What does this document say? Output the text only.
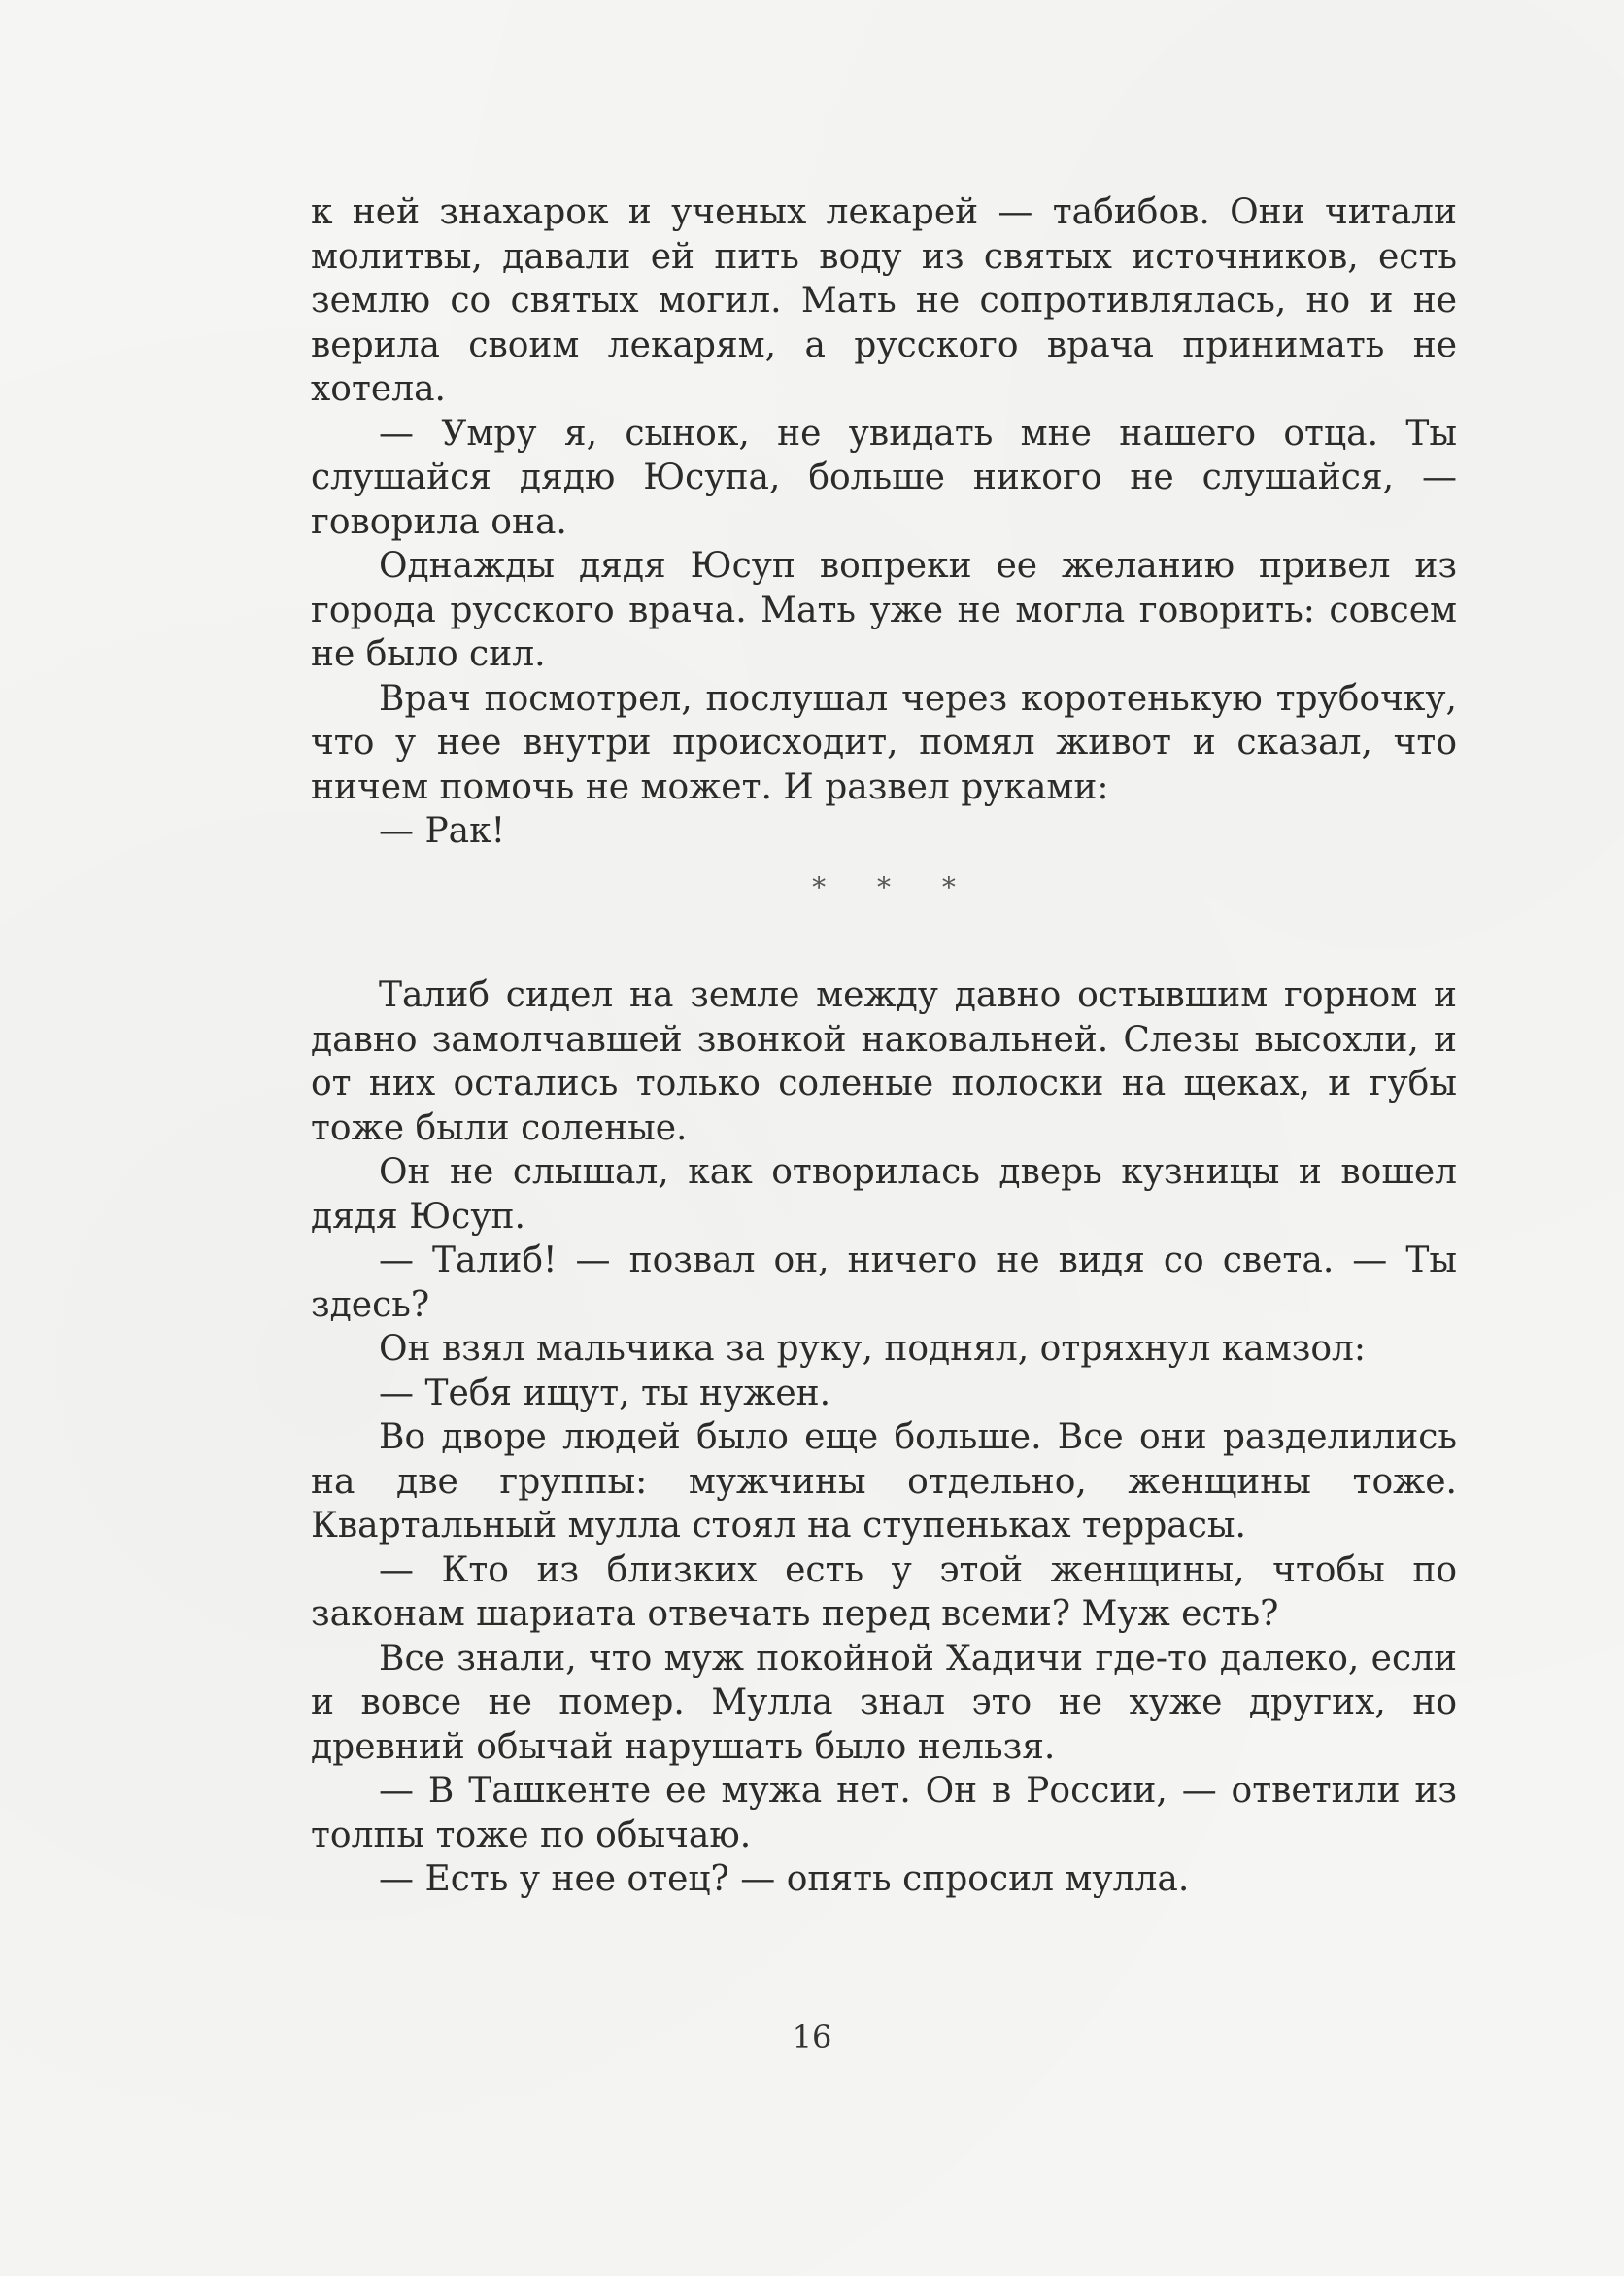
к ней знахарок и ученых лекарей — табибов. Они читали молитвы, давали ей пить воду из святых источников, есть землю со святых могил. Мать не сопротивлялась, но и не верила своим лекарям, а русского врача принимать не хотела.

— Умру я, сынок, не увидать мне нашего отца. Ты слушайся дядю Юсупа, больше никого не слушайся, — говорила она.

Однажды дядя Юсуп вопреки ее желанию привел из города русского врача. Мать уже не могла говорить: совсем не было сил.

Врач посмотрел, послушал через коротенькую трубочку, что у нее внутри происходит, помял живот и сказал, что ничем помочь не может. И развел руками:

— Рак!

* * *

Талиб сидел на земле между давно остывшим горном и давно замолчавшей звонкой наковальней. Слезы высохли, и от них остались только соленые полоски на щеках, и губы тоже были соленые.

Он не слышал, как отворилась дверь кузницы и вошел дядя Юсуп.

— Талиб! — позвал он, ничего не видя со света. — Ты здесь?

Он взял мальчика за руку, поднял, отряхнул камзол:

— Тебя ищут, ты нужен.

Во дворе людей было еще больше. Все они разделились на две группы: мужчины отдельно, женщины тоже. Квартальный мулла стоял на ступеньках террасы.

— Кто из близких есть у этой женщины, чтобы по законам шариата отвечать перед всеми? Муж есть?

Все знали, что муж покойной Хадичи где-то далеко, если и вовсе не помер. Мулла знал это не хуже других, но древний обычай нарушать было нельзя.

— В Ташкенте ее мужа нет. Он в России, — ответили из толпы тоже по обычаю.

— Есть у нее отец? — опять спросил мулла.

16
